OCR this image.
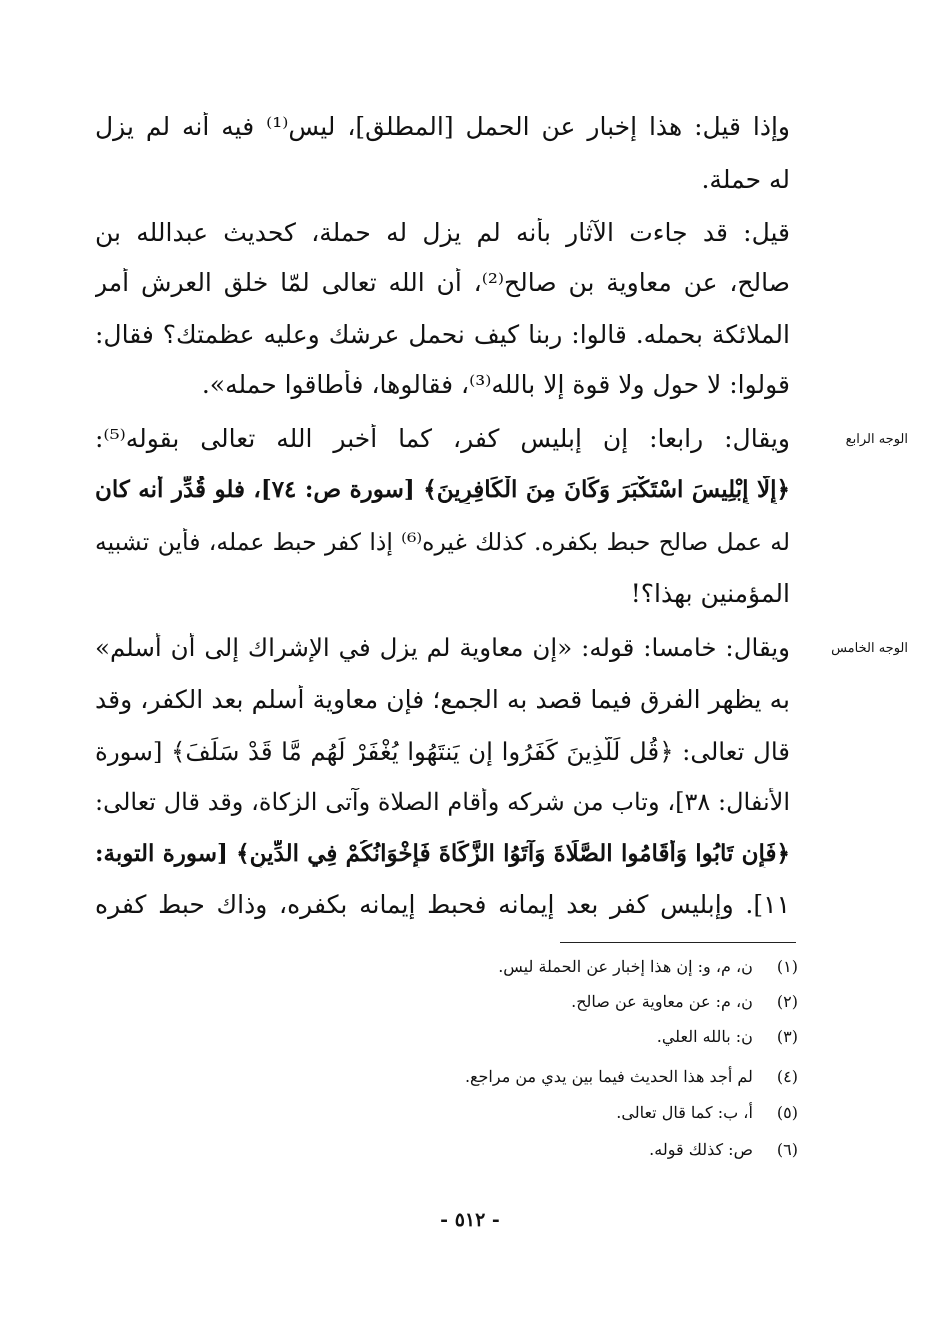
وإذا قيل: هذا إخبار عن الحمل [المطلق]، ليس⁽¹⁾ فيه أنه لم يزل
له حملة.
قيل: قد جاءت الآثار بأنه لم يزل له حملة، كحديث عبدالله بن
صالح، عن معاوية بن صالح⁽²⁾، أن الله تعالى لمّا خلق العرش أمر
الملائكة بحمله. قالوا: ربنا كيف نحمل عرشك وعليه عظمتك؟ فقال:
قولوا: لا حول ولا قوة إلا بالله⁽³⁾، فقالوها، فأطاقوا حمله».
الوجه الرابع
ويقال: رابعا: إن إبليس كفر، كما أخبر الله تعالى بقوله⁽⁵⁾:
﴿إِلَّا إِبْلِيسَ اسْتَكْبَرَ وَكَانَ مِنَ الْكَافِرِينَ﴾ [سورة ص: ٧٤]، فلو قُدِّر أنه كان
له عمل صالح حبط بكفره. كذلك غيره⁽⁶⁾ إذا كفر حبط عمله، فأين تشبيه
المؤمنين بهذا؟!
الوجه الخامس
ويقال: خامسا: قوله: «إن معاوية لم يزل في الإشراك إلى أن أسلم»
به يظهر الفرق فيما قصد به الجمع؛ فإن معاوية أسلم بعد الكفر، وقد
قال تعالى: ﴿قُل لِّلَّذِينَ كَفَرُوا إِن يَنتَهُوا يُغْفَرْ لَهُم مَّا قَدْ سَلَفَ﴾ [سورة
الأنفال: ٣٨]، وتاب من شركه وأقام الصلاة وآتى الزكاة، وقد قال تعالى:
﴿فَإِن تَابُوا وَأَقَامُوا الصَّلَاةَ وَآتَوُا الزَّكَاةَ فَإِخْوَانُكُمْ فِي الدِّينِ﴾ [سورة التوبة:
١١]. وإبليس كفر بعد إيمانه فحبط إيمانه بكفره، وذاك حبط كفره
(١) ن، م، و: إن هذا إخبار عن الحملة ليس.
(٢) ن، م: عن معاوية عن صالح.
(٣) ن: بالله العلي.
(٤) لم أجد هذا الحديث فيما بين يدي من مراجع.
(٥) أ، ب: كما قال تعالى.
(٦) ص: كذلك قوله.
- ٥١٢ -
